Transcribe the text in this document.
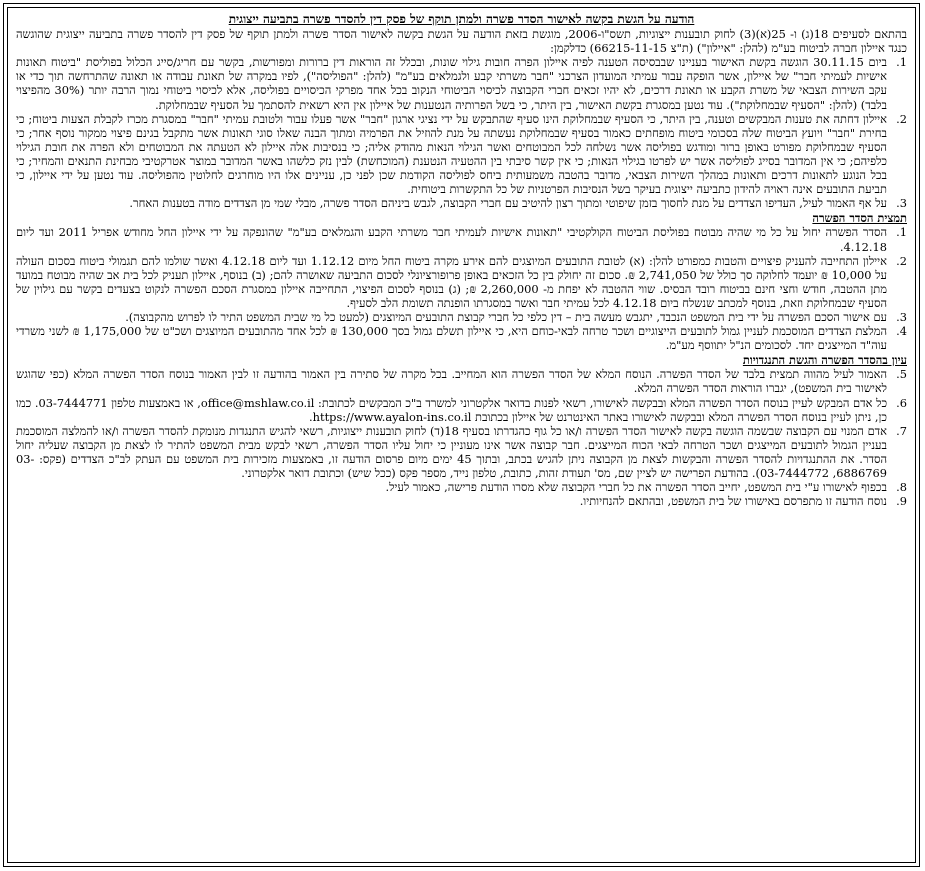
הודעה על הגשת בקשה לאישור הסדר פשרה ולמתן תוקף של פסק דין להסדר פשרה בתביעה ייצוגית

בהתאם לסעיפים 18(ג) ו- 25(א)(3) לחוק תובענות ייצוגיות, תשס"ו-2006, מוגשת בזאת הודעה על הגשת בקשה לאישור הסדר פשרה ולמתן תוקף של פסק דין להסדר פשרה בתביעה ייצוגית שהוגשה כנגד איילון חברה לביטוח בע"מ (להלן: "איילון") (ת"צ 66215-11-15) כדלקמן:

1.
ביום 30.11.15 הוגשה בקשת האישור בעניינו שבבסיסה הטענה לפיה איילון הפרה חובות גילוי שונות, ובכלל זה הוראות דין ברורות ומפורשות, בקשר עם חריג/סייג הכלול בפוליסת "ביטוח תאונות אישיות לעמיתי חבר" של איילון, אשר הופקה עבור עמיתי המועדון הצרכני "חבר משרתי קבע ולגמלאים בע"מ" (להלן: "הפוליסה"), לפיו במקרה של תאונת עבודה או תאונה שהתרחשה תוך כדי או עקב השירות הצבאי של משרת הקבע או תאונת דרכים, לא יהיו זכאים חברי הקבוצה לכיסוי הביטוחי הנקוב בכל אחד מפרקי הכיסויים בפוליסה, אלא לכיסוי ביטוחי נמוך הרבה יותר (30% מהפיצוי בלבד) (להלן: "הסעיף שבמחלוקת"). עוד נטען במסגרת בקשת האישור, בין היתר, כי בשל הפרותיה הנטענות של איילון אין היא רשאית להסתמך על הסעיף שבמחלוקת.
2.
איילון דחתה את טענות המבקשים וטענה, בין היתר, כי הסעיף שבמחלוקת הינו סעיף שהתבקש על ידי נציגי ארגון "חבר" אשר פעלו עבור ולטובת עמיתי "חבר" במסגרת מכרז לקבלת הצעות ביטוח; כי בחירת "חבר" ויועץ הביטוח שלה בסכומי ביטוח מופחתים כאמור בסעיף שבמחלוקת נעשתה על מנת להוזיל את הפרמיה ומתוך הבנה שאלו סוגי תאונות אשר מתקבל בגינם פיצוי ממקור נוסף אחר; כי הסעיף שבמחלוקת מפורט באופן ברור ומודגש בפוליסה אשר נשלחה לכל המבוטחים ואשר הגילוי הנאות מהודק אליה; כי בנסיבות אלה איילון לא הטעתה את המבוטחים ולא הפרה את חובת הגילוי כלפיהם; כי אין המדובר בסייג לפוליסה אשר יש לפרטו בגילוי הנאות; כי אין קשר סיבתי בין ההטעיה הנטענת (המוכחשת) לבין נזק כלשהו באשר המדובר במוצר אטרקטיבי מבחינת התנאים והמחיר; כי בכל הנוגע לתאונות דרכים ותאונות במהלך השירות הצבאי, מדובר בהטבה משמעותית ביחס לפוליסה הקודמת שכן לפני כן, עניינים אלו היו מוחרגים לחלוטין מהפוליסה. עוד נטען על ידי איילון, כי תביעת התובעים אינה ראויה להידון כתביעה ייצוגית בעיקר בשל הנסיבות הפרטניות של כל התקשרות ביטוחית.
3.
על אף האמור לעיל, העדיפו הצדדים על מנת לחסוך בזמן שיפוטי ומתוך רצון להיטיב עם חברי הקבוצה, לגבש ביניהם הסדר פשרה, מבלי שמי מן הצדדים מודה בטענות האחר.

תמצית הסדר הפשרה

1.
הסדר הפשרה יחול על כל מי שהיה מבוטח בפוליסת הביטוח הקולקטיבי "תאונות אישיות לעמיתי חבר משרתי הקבע והגמלאים בע"מ" שהונפקה על ידי איילון החל מחודש אפריל 2011 ועד ליום 4.12.18.
2.
איילון התחייבה להעניק פיצויים והטבות כמפורט להלן: (א) לטובת התובעים המיוצגים להם אירע מקרה ביטוח החל מיום 1.12.12 ועד ליום 4.12.18 ואשר שולמו להם תגמולי ביטוח בסכום העולה על 10,000 ₪ יועמד לחלוקה סך כולל של 2,741,050 ₪. סכום זה יחולק בין כל הזכאים באופן פרופורציונלי לסכום התביעה שאושרה להם; (ב) בנוסף, איילון תעניק לכל בית אב שהיה מבוטח במועד מתן ההטבה, חודש וחצי חינם בביטוח רובד הבסיס. שווי ההטבה לא יפחת מ- 2,260,000 ₪; (ג) בנוסף לסכום הפיצוי, התחייבה איילון במסגרת הסכם הפשרה לנקוט בצעדים בקשר עם גילוין של הסעיף שבמחלוקת וזאת, בנוסף למכתב שנשלח ביום 4.12.18 לכל עמיתי חבר ואשר במסגרתו הופנתה תשומת הלב לסעיף.
3.
עם אישור הסכם הפשרה על ידי בית המשפט הנכבד, יתגבש מעשה בית – דין כלפי כל חברי קבוצת התובעים המיוצגים (למעט כל מי שבית המשפט התיר לו לפרוש מהקבוצה).
4.
המלצת הצדדים המוסכמת לעניין גמול לתובעים הייצוגיים ושכר טרחה לבאי-כוחם היא, כי איילון תשלם גמול בסך 130,000 ₪ לכל אחד מהתובעים המיוצגים ושכ"ט של 1,175,000 ₪ לשני משרדי עוה"ד המייצגים יחד. לסכומים הנ"ל יתווסף מע"מ.

עיון בהסדר הפשרה והגשת התנגדויות

5.
האמור לעיל מהווה תמצית בלבד של הסדר הפשרה. הנוסח המלא של הסדר הפשרה הוא המחייב. בכל מקרה של סתירה בין האמור בהודעה זו לבין האמור בנוסח הסדר הפשרה המלא (כפי שהוגש לאישור בית המשפט), יגברו הוראות הסדר הפשרה המלא.
6.
כל אדם המבקש לעיין בנוסח הסדר הפשרה המלא ובבקשה לאישורו, רשאי לפנות בדואר אלקטרוני למשרד ב"כ המבקשים לכתובת: office@mshlaw.co.il, או באמצעות טלפון 03-7444771. כמו כן, ניתן לעיין בנוסח הסדר הפשרה המלא ובבקשה לאישורו באתר האינטרנט של איילון בכתובת https://www.ayalon-ins.co.il.
7.
אדם המנוי עם הקבוצה שבשמה הוגשה בקשה לאישור הסדר הפשרה ו/או כל גוף כהגדרתו בסעיף 18(ד) לחוק תובענות ייצוגיות, רשאי להגיש התנגדות מנומקת להסדר הפשרה ו/או להמלצה המוסכמת בעניין הגמול לתובעים המייצגים ושכר הטרחה לבאי הכוח המייצגים. חבר קבוצה אשר אינו מעוניין כי יחול עליו הסדר הפשרה, רשאי לבקש מבית המשפט להתיר לו לצאת מן הקבוצה שעליה יחול הסדר. את ההתנגדויות להסדר הפשרה והבקשות לצאת מן הקבוצה ניתן להגיש בכתב, ובתוך 45 ימים מיום פרסום הודעה זו, באמצעות מזכירות בית המשפט עם העתק לב"כ הצדדים (פקס: 03-6886769, 03-7444772). בהודעת הפרישה יש לציין שם, מס' תעודת זהות, כתובת, טלפון נייד, מספר פקס (ככל שיש) וכתובת דואר אלקטרוני.
8.
בכפוף לאישורו ע"י בית המשפט, יחייב הסדר הפשרה את כל חברי הקבוצה שלא מסרו הודעת פרישה, כאמור לעיל.
9.
נוסח הודעה זו מתפרסם באישורו של בית המשפט, ובהתאם להנחיותיו.
